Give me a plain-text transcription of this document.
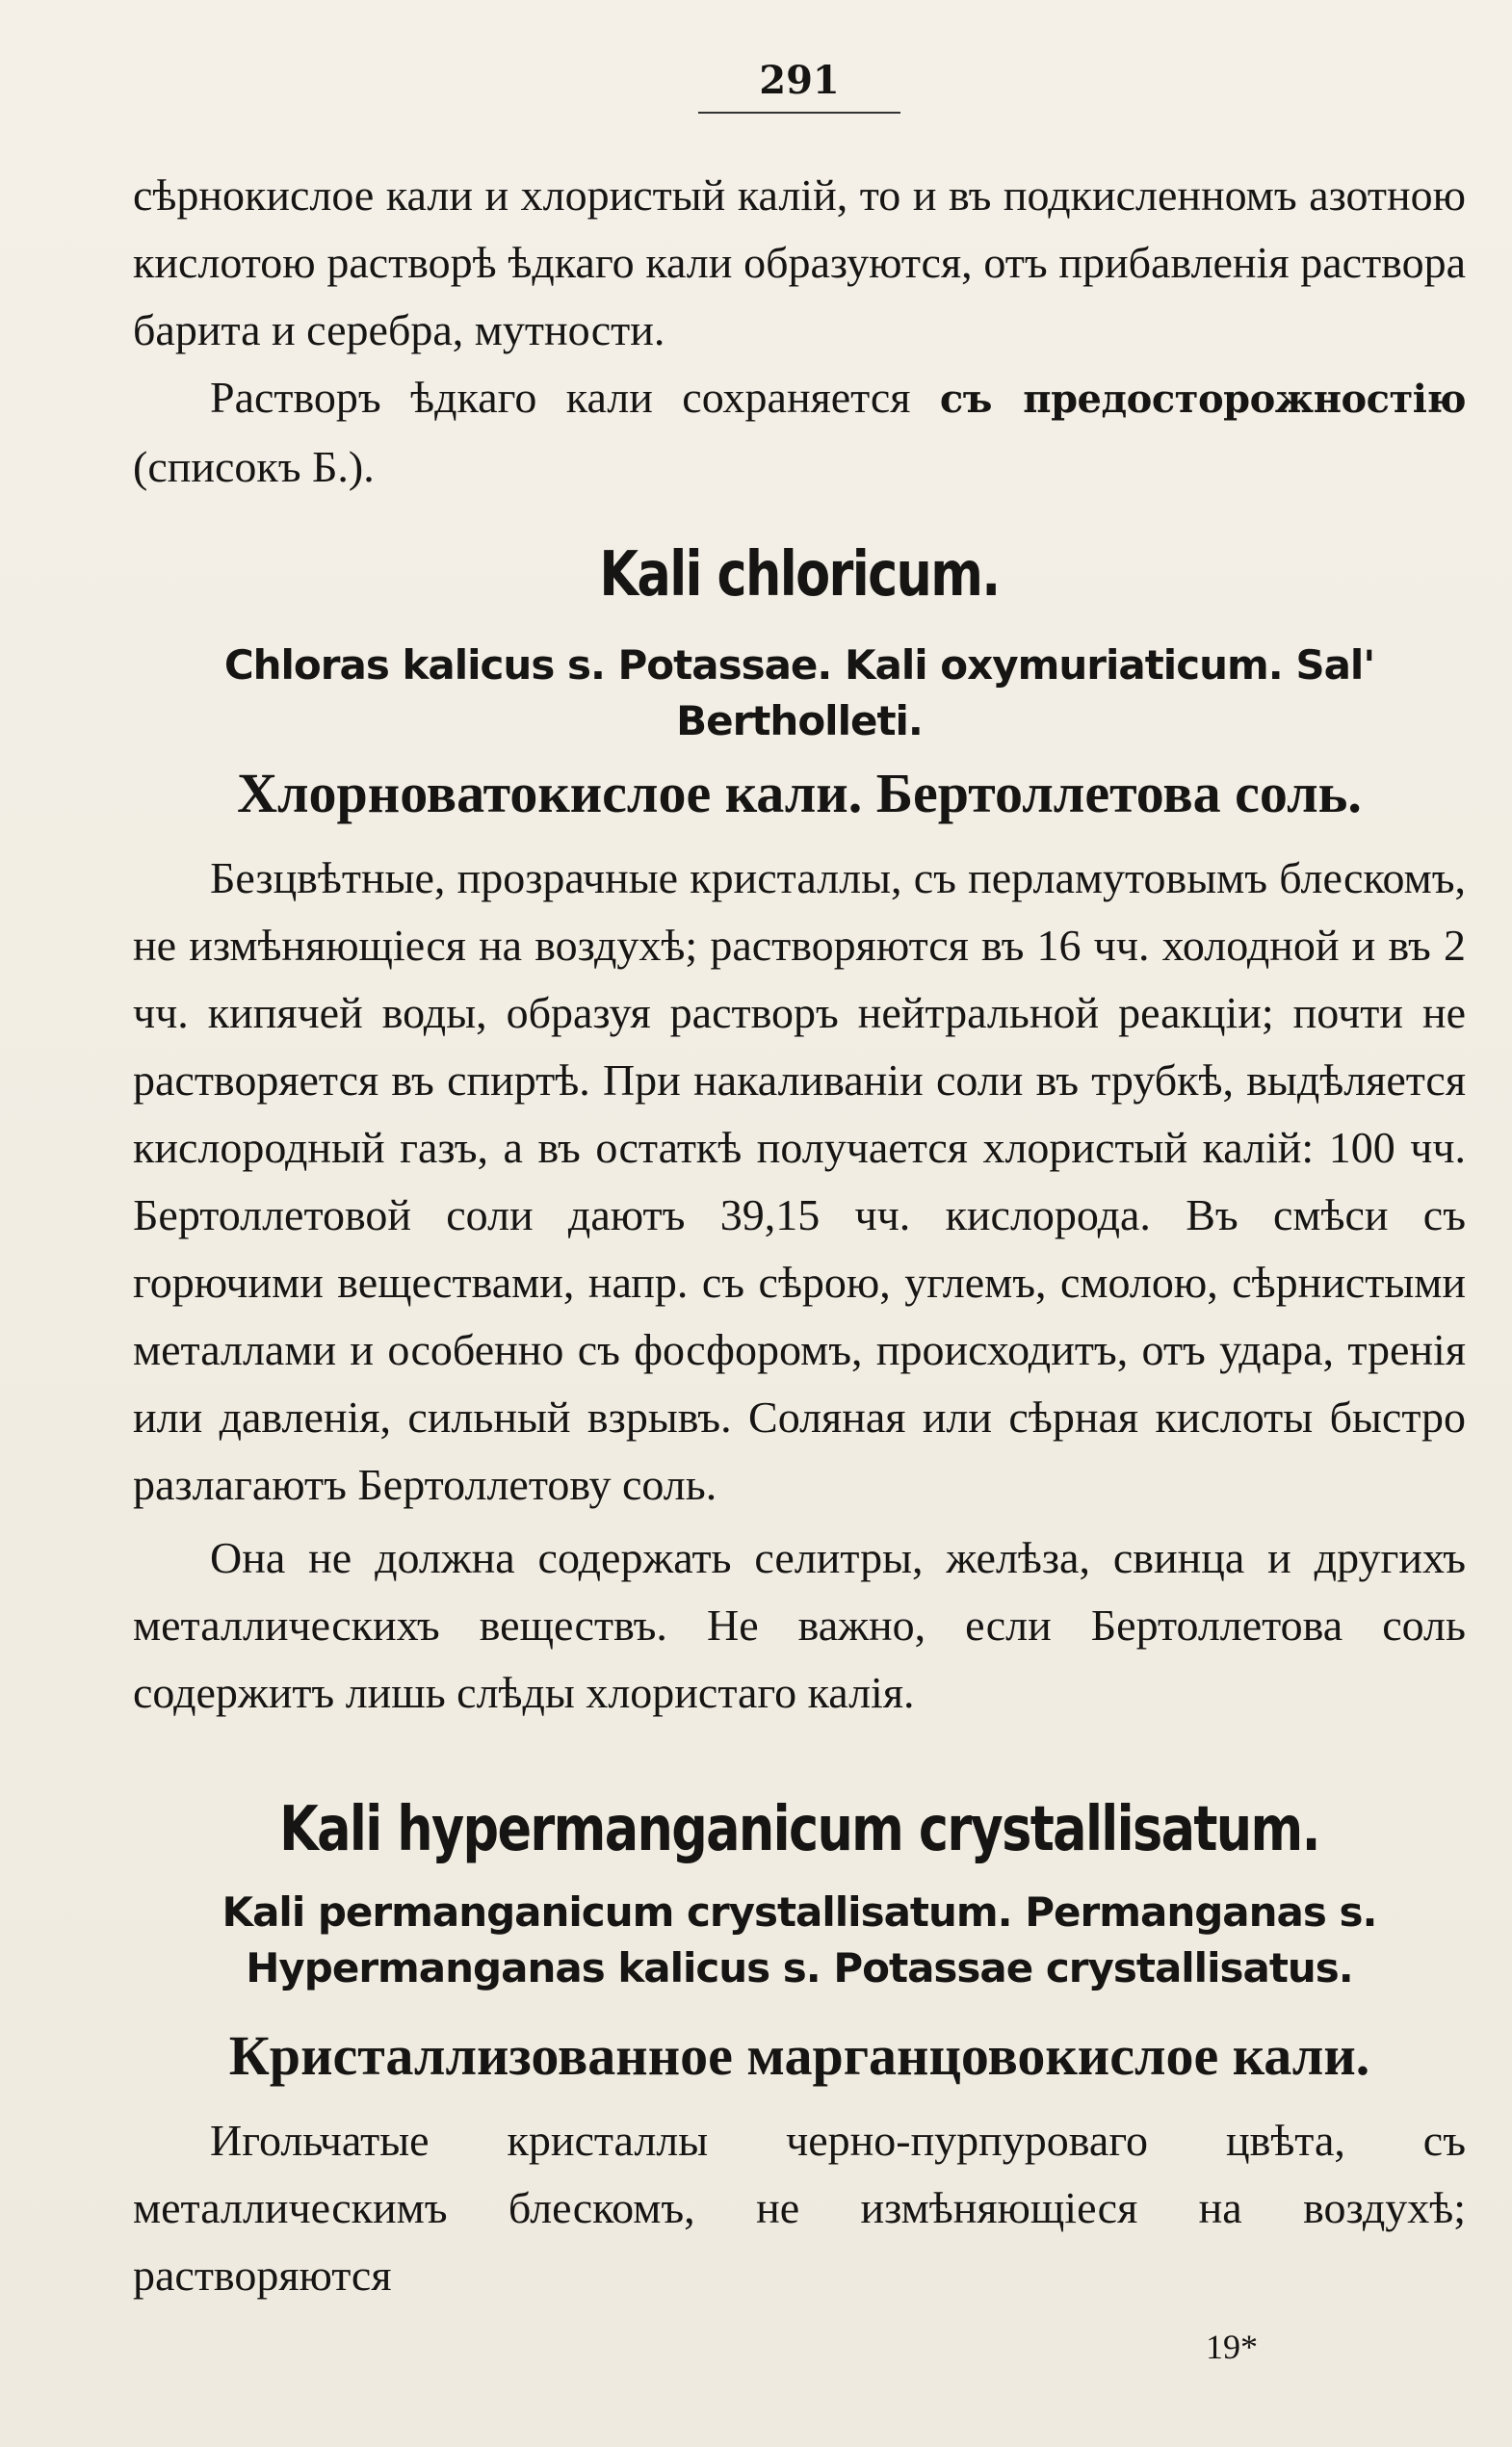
291

сѣрнокислое кали и хлористый калій, то и въ подкисленномъ азотною кислотою растворѣ ѣдкаго кали образуются, отъ прибавленія раствора барита и серебра, мутности.

Растворъ ѣдкаго кали сохраняется съ предосторожностію (списокъ Б.).

Kali chloricum.

Chloras kalicus s. Potassae. Kali oxymuriaticum. Sal' Bertholleti.

Хлорноватокислое кали. Бертоллетова соль.

Безцвѣтные, прозрачные кристаллы, съ перламутовымъ блескомъ, не измѣняющіеся на воздухѣ; растворяются въ 16 чч. холодной и въ 2 чч. кипячей воды, образуя растворъ нейтральной реакціи; почти не растворяется въ спиртѣ. При накаливаніи соли въ трубкѣ, выдѣляется кислородный газъ, а въ остаткѣ получается хлористый калій: 100 чч. Бертоллетовой соли даютъ 39,15 чч. кислорода. Въ смѣси съ горючими веществами, напр. съ сѣрою, углемъ, смолою, сѣрнистыми металлами и особенно съ фосфоромъ, происходитъ, отъ удара, тренія или давленія, сильный взрывъ. Соляная или сѣрная кислоты быстро разлагаютъ Бертоллетову соль.

Она не должна содержать селитры, желѣза, свинца и другихъ металлическихъ веществъ. Не важно, если Бертоллетова соль содержитъ лишь слѣды хлористаго калія.

Kali hypermanganicum crystallisatum.

Kali permanganicum crystallisatum. Permanganas s. Hypermanganas kalicus s. Potassae crystallisatus.

Кристаллизованное марганцовокислое кали.

Игольчатые кристаллы черно-пурпуроваго цвѣта, съ металлическимъ блескомъ, не измѣняющіеся на воздухѣ; растворяются

19*
